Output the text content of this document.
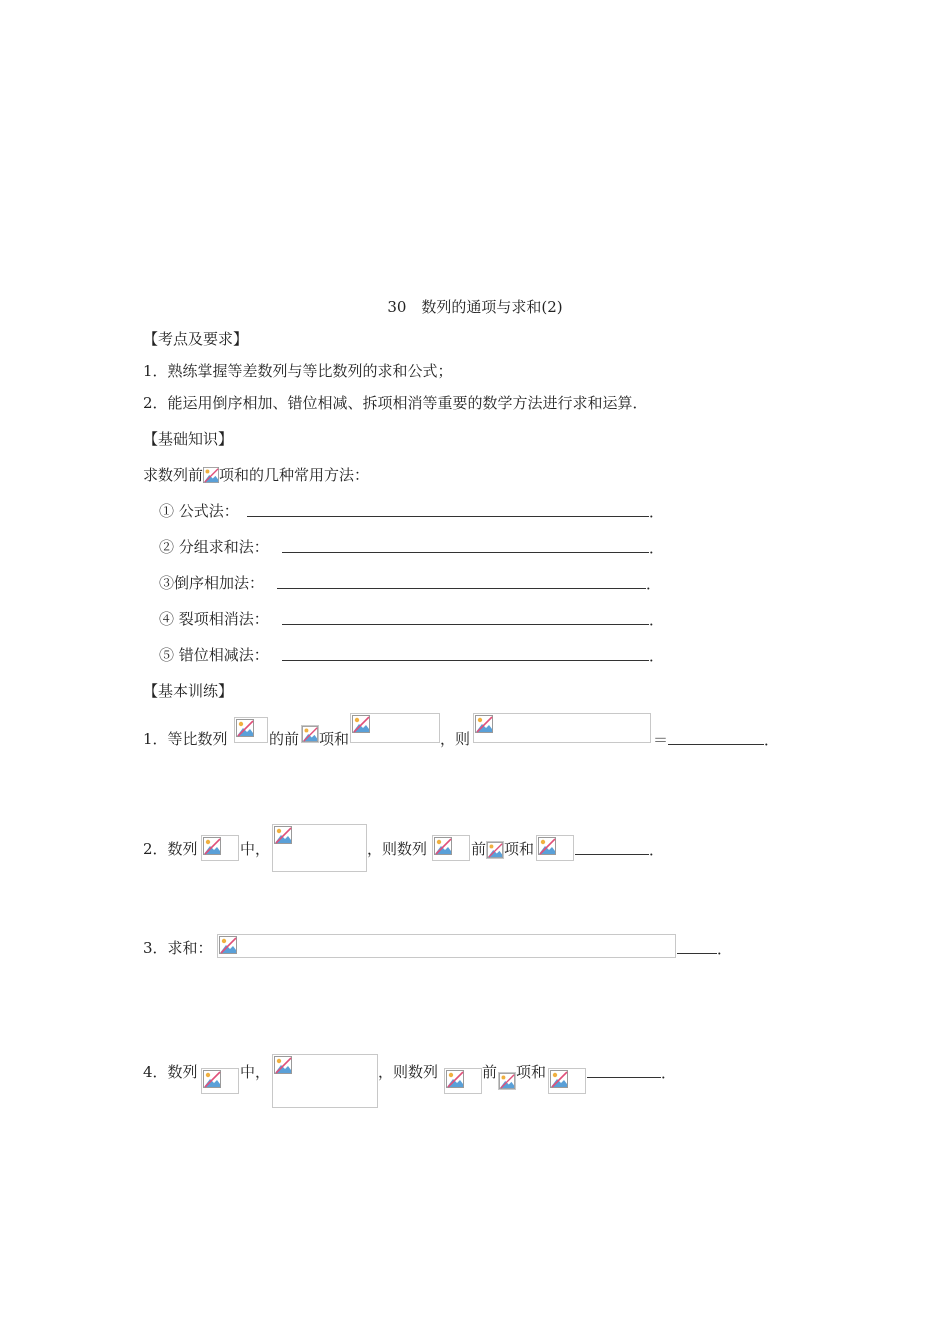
30　数列的通项与求和(2)
【考点及要求】
1．熟练掌握等差数列与等比数列的求和公式；
2．能运用倒序相加、错位相减、拆项相消等重要的数学方法进行求和运算．
【基础知识】
求数列前 项和的几种常用方法：
① 公式法：	．
② 分组求和法：	．
③倒序相加法：	．
④ 裂项相消法：	．
⑤ 错位相减法：	．
【基本训练】
1．等比数列	的前 项和	，则	＝	．
2．数列	中，	，则数列	前 项和	．
3．求和：	．
4．数列	中，	，则数列	前 项和	．
